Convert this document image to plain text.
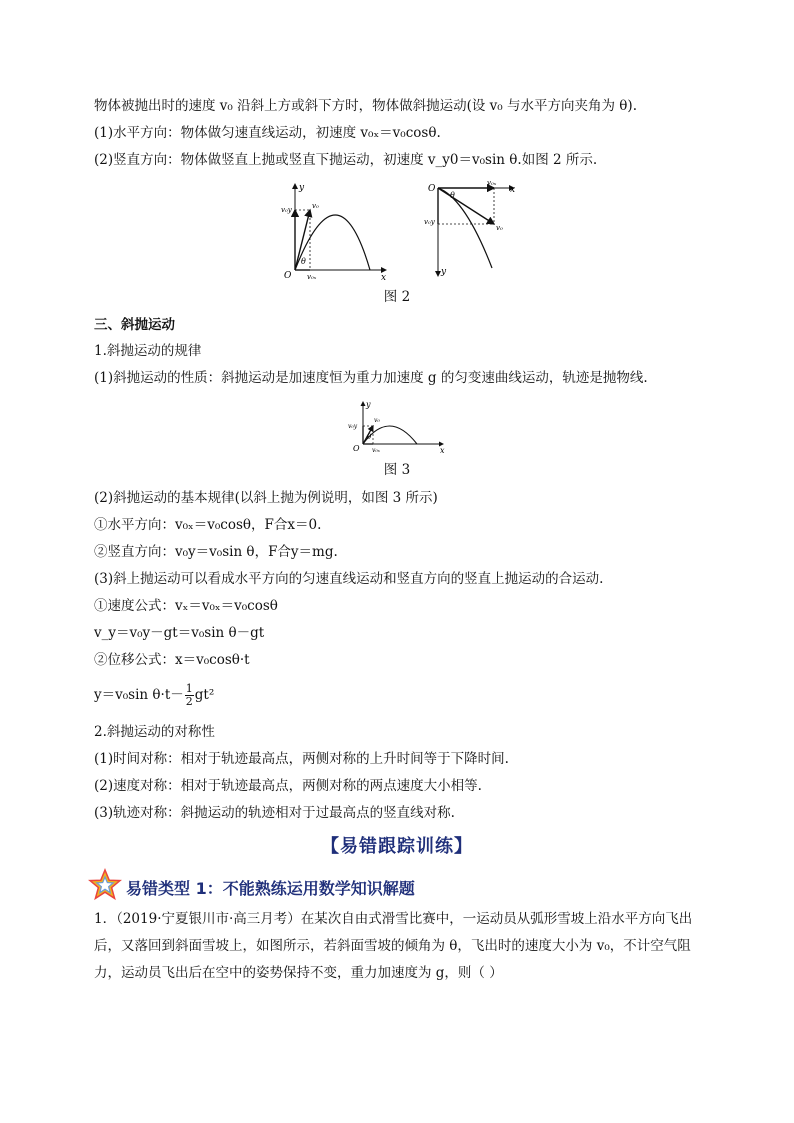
物体被抛出时的速度 v₀ 沿斜上方或斜下方时，物体做斜抛运动(设 v₀ 与水平方向夹角为 θ).
(1)水平方向：物体做匀速直线运动，初速度 v₀ₓ＝v₀cosθ.
(2)竖直方向：物体做竖直上抛或竖直下抛运动，初速度 v_y0＝v₀sin θ.如图 2 所示.
y
x
O
θ
v₀
v₀y
v₀ₓ	y
x
O
θ
v₀
v₀y
v₀ₓ
图 2
三、斜抛运动
1.斜抛运动的规律
(1)斜抛运动的性质：斜抛运动是加速度恒为重力加速度 g 的匀变速曲线运动，轨迹是抛物线.
y
x
O
θ
v₀
v₀y
v₀ₓ
图 3
(2)斜抛运动的基本规律(以斜上抛为例说明，如图 3 所示)
①水平方向：v₀ₓ＝v₀cosθ，F合x＝0.
②竖直方向：v₀y＝v₀sin θ，F合y＝mg.
(3)斜上抛运动可以看成水平方向的匀速直线运动和竖直方向的竖直上抛运动的合运动.
①速度公式：vₓ＝v₀ₓ＝v₀cosθ
v_y＝v₀y－gt＝v₀sin θ－gt
②位移公式：x＝v₀cosθ·t
y＝v₀sin $\theta\cdot t- \frac{1}{2} gt^2$
2.斜抛运动的对称性
(1)时间对称：相对于轨迹最高点，两侧对称的上升时间等于下降时间.
(2)速度对称：相对于轨迹最高点，两侧对称的两点速度大小相等.
(3)轨迹对称：斜抛运动的轨迹相对于过最高点的竖直线对称.
【易错跟踪训练】
易错类型 1：不能熟练运用数学知识解题
1．（2019·宁夏银川市·高三月考）在某次自由式滑雪比赛中，一运动员从弧形雪坡上沿水平方向飞出后，又落回到斜面雪坡上，如图所示，若斜面雪坡的倾角为 θ，飞出时的速度大小为 v₀，不计空气阻力，运动员飞出后在空中的姿势保持不变，重力加速度为 g，则（ ）
